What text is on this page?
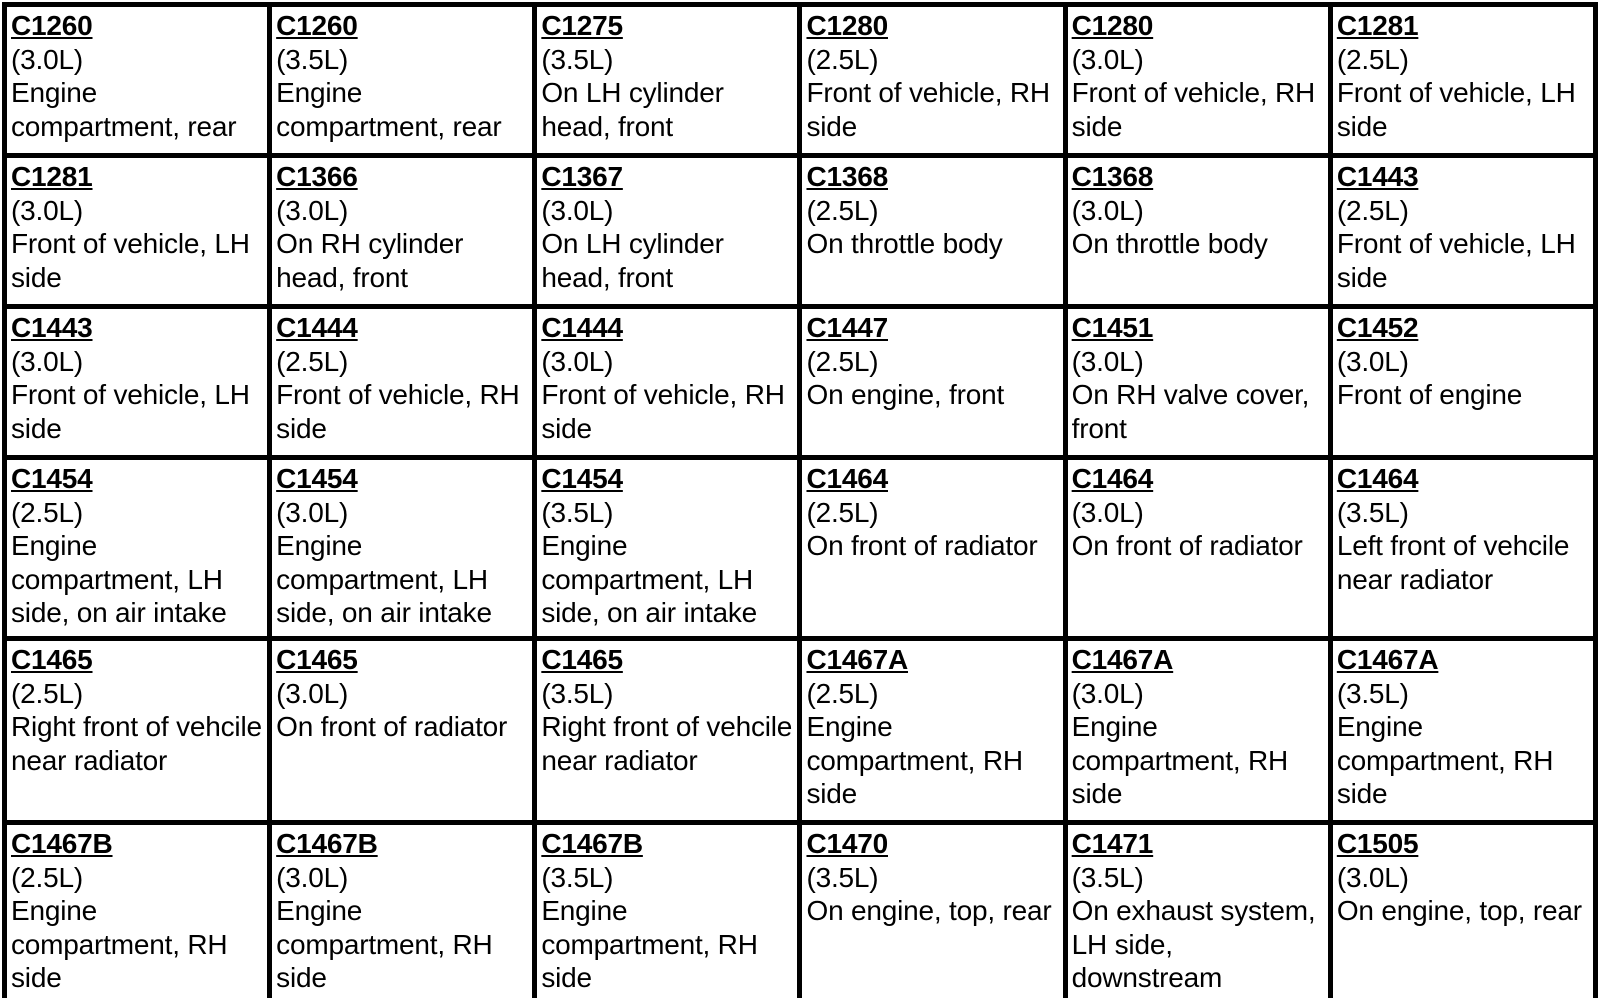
C1260
(3.0L)
Engine compartment, rear
C1260
(3.5L)
Engine compartment, rear
C1275
(3.5L)
On LH cylinder head, front
C1280
(2.5L)
Front of vehicle, RH side
C1280
(3.0L)
Front of vehicle, RH side
C1281
(2.5L)
Front of vehicle, LH side
C1281
(3.0L)
Front of vehicle, LH side
C1366
(3.0L)
On RH cylinder head, front
C1367
(3.0L)
On LH cylinder head, front
C1368
(2.5L)
On throttle body
C1368
(3.0L)
On throttle body
C1443
(2.5L)
Front of vehicle, LH side
C1443
(3.0L)
Front of vehicle, LH side
C1444
(2.5L)
Front of vehicle, RH side
C1444
(3.0L)
Front of vehicle, RH side
C1447
(2.5L)
On engine, front
C1451
(3.0L)
On RH valve cover, front
C1452
(3.0L)
Front of engine
C1454
(2.5L)
Engine compartment, LH side, on air intake
C1454
(3.0L)
Engine compartment, LH side, on air intake
C1454
(3.5L)
Engine compartment, LH side, on air intake
C1464
(2.5L)
On front of radiator
C1464
(3.0L)
On front of radiator
C1464
(3.5L)
Left front of vehcile near radiator
C1465
(2.5L)
Right front of vehcile near radiator
C1465
(3.0L)
On front of radiator
C1465
(3.5L)
Right front of vehcile near radiator
C1467A
(2.5L)
Engine compartment, RH side
C1467A
(3.0L)
Engine compartment, RH side
C1467A
(3.5L)
Engine compartment, RH side
C1467B
(2.5L)
Engine compartment, RH side
C1467B
(3.0L)
Engine compartment, RH side
C1467B
(3.5L)
Engine compartment, RH side
C1470
(3.5L)
On engine, top, rear
C1471
(3.5L)
On exhaust system, LH side, downstream
C1505
(3.0L)
On engine, top, rear
